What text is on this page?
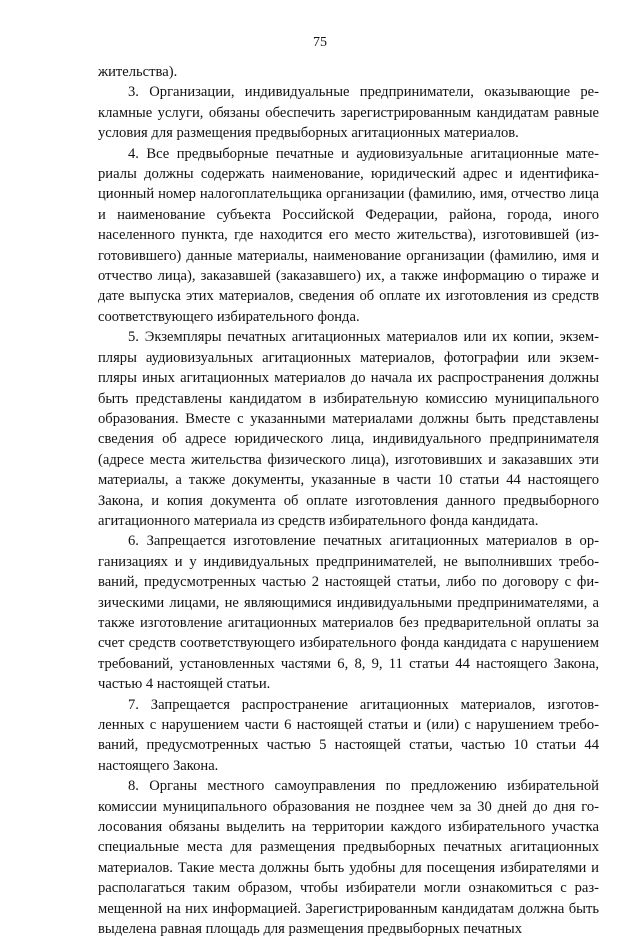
75

жительства).

3. Организации, индивидуальные предприниматели, оказывающие рекламные услуги, обязаны обеспечить зарегистрированным кандидатам равные условия для размещения предвыборных агитационных материалов.

4. Все предвыборные печатные и аудиовизуальные агитационные материалы должны содержать наименование, юридический адрес и идентификационный номер налогоплательщика организации (фамилию, имя, отчество лица и наименование субъекта Российской Федерации, района, города, иного населенного пункта, где находится его место жительства), изготовившей (изготовившего) данные материалы, наименование организации (фамилию, имя и отчество лица), заказавшей (заказавшего) их, а также информацию о тираже и дате выпуска этих материалов, сведения об оплате их изготовления из средств соответствующего избирательного фонда.

5. Экземпляры печатных агитационных материалов или их копии, экземпляры аудиовизуальных агитационных материалов, фотографии или экземпляры иных агитационных материалов до начала их распространения должны быть представлены кандидатом в избирательную комиссию муниципального образования. Вместе с указанными материалами должны быть представлены сведения об адресе юридического лица, индивидуального предпринимателя (адресе места жительства физического лица), изготовивших и заказавших эти материалы, а также документы, указанные в части 10 статьи 44 настоящего Закона, и копия документа об оплате изготовления данного предвыборного агитационного материала из средств избирательного фонда кандидата.

6. Запрещается изготовление печатных агитационных материалов в организациях и у индивидуальных предпринимателей, не выполнивших требований, предусмотренных частью 2 настоящей статьи, либо по договору с физическими лицами, не являющимися индивидуальными предпринимателями, а также изготовление агитационных материалов без предварительной оплаты за счет средств соответствующего избирательного фонда кандидата с нарушением требований, установленных частями 6, 8, 9, 11 статьи 44 настоящего Закона, частью 4 настоящей статьи.

7. Запрещается распространение агитационных материалов, изготовленных с нарушением части 6 настоящей статьи и (или) с нарушением требований, предусмотренных частью 5 настоящей статьи, частью 10 статьи 44 настоящего Закона.

8. Органы местного самоуправления по предложению избирательной комиссии муниципального образования не позднее чем за 30 дней до дня голосования обязаны выделить на территории каждого избирательного участка специальные места для размещения предвыборных печатных агитационных материалов. Такие места должны быть удобны для посещения избирателями и располагаться таким образом, чтобы избиратели могли ознакомиться с размещенной на них информацией. Зарегистрированным кандидатам должна быть выделена равная площадь для размещения предвыборных печатных
